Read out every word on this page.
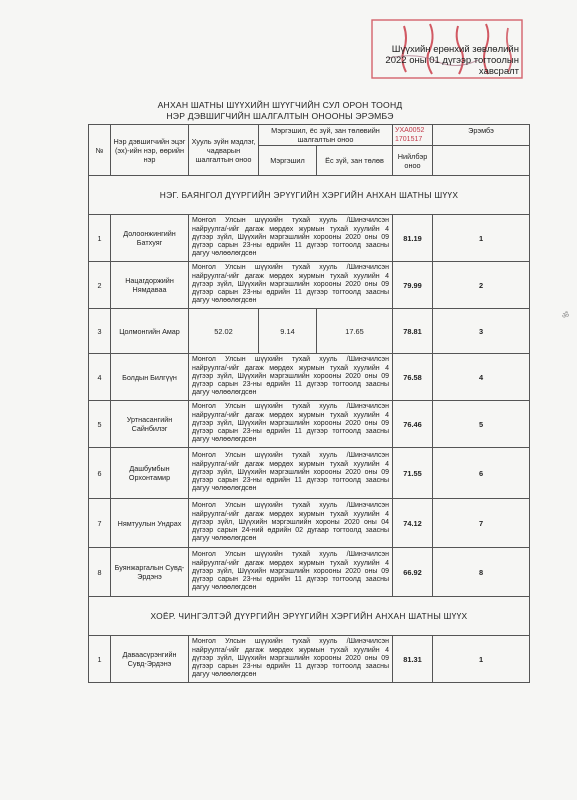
Шүүхийн ерөнхий зөвлөлийн
2022 оны 01 дүгээр тогтоолын
хавсралт
АНХАН ШАТНЫ ШҮҮХИЙН ШҮҮГЧИЙН СУЛ ОРОН ТООНД
НЭР ДЭВШИГЧИЙН ШАЛГАЛТЫН ОНООНЫ ЭРЭМБЭ
№	Нэр дэвшигчийн эцэг (эх)-ийн нэр, өөрийн нэр	Хууль зүйн мэдлэг, чадварын шалгалтын оноо	Мэргэшил, ёс зүй, зан төлөвийн шалгалтын оноо		УХА0052 1701517	Эрэмбэ
			Мэргэшил	Ёс зүй, зан төлөв	Нийлбэр оноо	
НЭГ. БАЯНГОЛ ДҮҮРГИЙН ЭРҮҮГИЙН ХЭРГИЙН АНХАН ШАТНЫ ШҮҮХ						
1	Долоонжингийн Батхуяг	Монгол Улсын шүүхийн тухай хууль /Шинэчилсэн найруулга/-ийг дагаж мөрдөх журмын тухай хуулийн 4 дүгээр зүйл, Шүүхийн мэргэшлийн хорооны 2020 оны 09 дүгээр сарын 23-ны өдрийн 11 дүгээр тогтоолд заасны дагуу чөлөөлөгдсөн			81.19	1
2	Нацагдоржийн Нямдаваа	Монгол Улсын шүүхийн тухай хууль /Шинэчилсэн найруулга/-ийг дагаж мөрдөх журмын тухай хуулийн 4 дүгээр зүйл, Шүүхийн мэргэшлийн хорооны 2020 оны 09 дүгээр сарын 23-ны өдрийн 11 дүгээр тогтоолд заасны дагуу чөлөөлөгдсөн			79.99	2
3	Цолмонгийн Амар	52.02	9.14	17.65	78.81	3
4	Болдын Билгүүн	Монгол Улсын шүүхийн тухай хууль /Шинэчилсэн найруулга/-ийг дагаж мөрдөх журмын тухай хуулийн 4 дүгээр зүйл, Шүүхийн мэргэшлийн хорооны 2020 оны 09 дүгээр сарын 23-ны өдрийн 11 дүгээр тогтоолд заасны дагуу чөлөөлөгдсөн			76.58	4
5	Уртнасангийн Сайнбилэг	Монгол Улсын шүүхийн тухай хууль /Шинэчилсэн найруулга/-ийг дагаж мөрдөх журмын тухай хуулийн 4 дүгээр зүйл, Шүүхийн мэргэшлийн хорооны 2020 оны 09 дүгээр сарын 23-ны өдрийн 11 дүгээр тогтоолд заасны дагуу чөлөөлөгдсөн			76.46	5
6	Дашбумбын Орхонтамир	Монгол Улсын шүүхийн тухай хууль /Шинэчилсэн найруулга/-ийг дагаж мөрдөх журмын тухай хуулийн 4 дүгээр зүйл, Шүүхийн мэргэшлийн хорооны 2020 оны 09 дүгээр сарын 23-ны өдрийн 11 дүгээр тогтоолд заасны дагуу чөлөөлөгдсөн			71.55	6
7	Нямтуулын Ундрах	Монгол Улсын шүүхийн тухай хууль /Шинэчилсэн найруулга/-ийг дагаж мөрдөх журмын тухай хуулийн 4 дүгээр зүйл, Шүүхийн мэргэшлийн хороны 2020 оны 04 дүгээр сарын 24-ний өдрийн 02 дугаар тогтоолд заасны дагуу чөлөөлөгдсөн			74.12	7
8	Буянжаргалын Сувд-Эрдэнэ	Монгол Улсын шүүхийн тухай хууль /Шинэчилсэн найруулга/-ийг дагаж мөрдөх журмын тухай хуулийн 4 дүгээр зүйл, Шүүхийн мэргэшлийн хорооны 2020 оны 09 дүгээр сарын 23-ны өдрийн 11 дүгээр тогтоолд заасны дагуу чөлөөлөгдсөн			66.92	8
ХОЁР. ЧИНГЭЛТЭЙ ДҮҮРГИЙН ЭРҮҮГИЙН ХЭРГИЙН АНХАН ШАТНЫ ШҮҮХ						
1	Даваасүрэнгийн Сувд-Эрдэнэ	Монгол Улсын шүүхийн тухай хууль /Шинэчилсэн найруулга/-ийг дагаж мөрдөх журмын тухай хуулийн 4 дүгээр зүйл, Шүүхийн мэргэшлийн хорооны 2020 оны 09 дүгээр сарын 23-ны өдрийн 11 дүгээр тогтоолд заасны дагуу чөлөөлөгдсөн			81.31	1
ॐ
